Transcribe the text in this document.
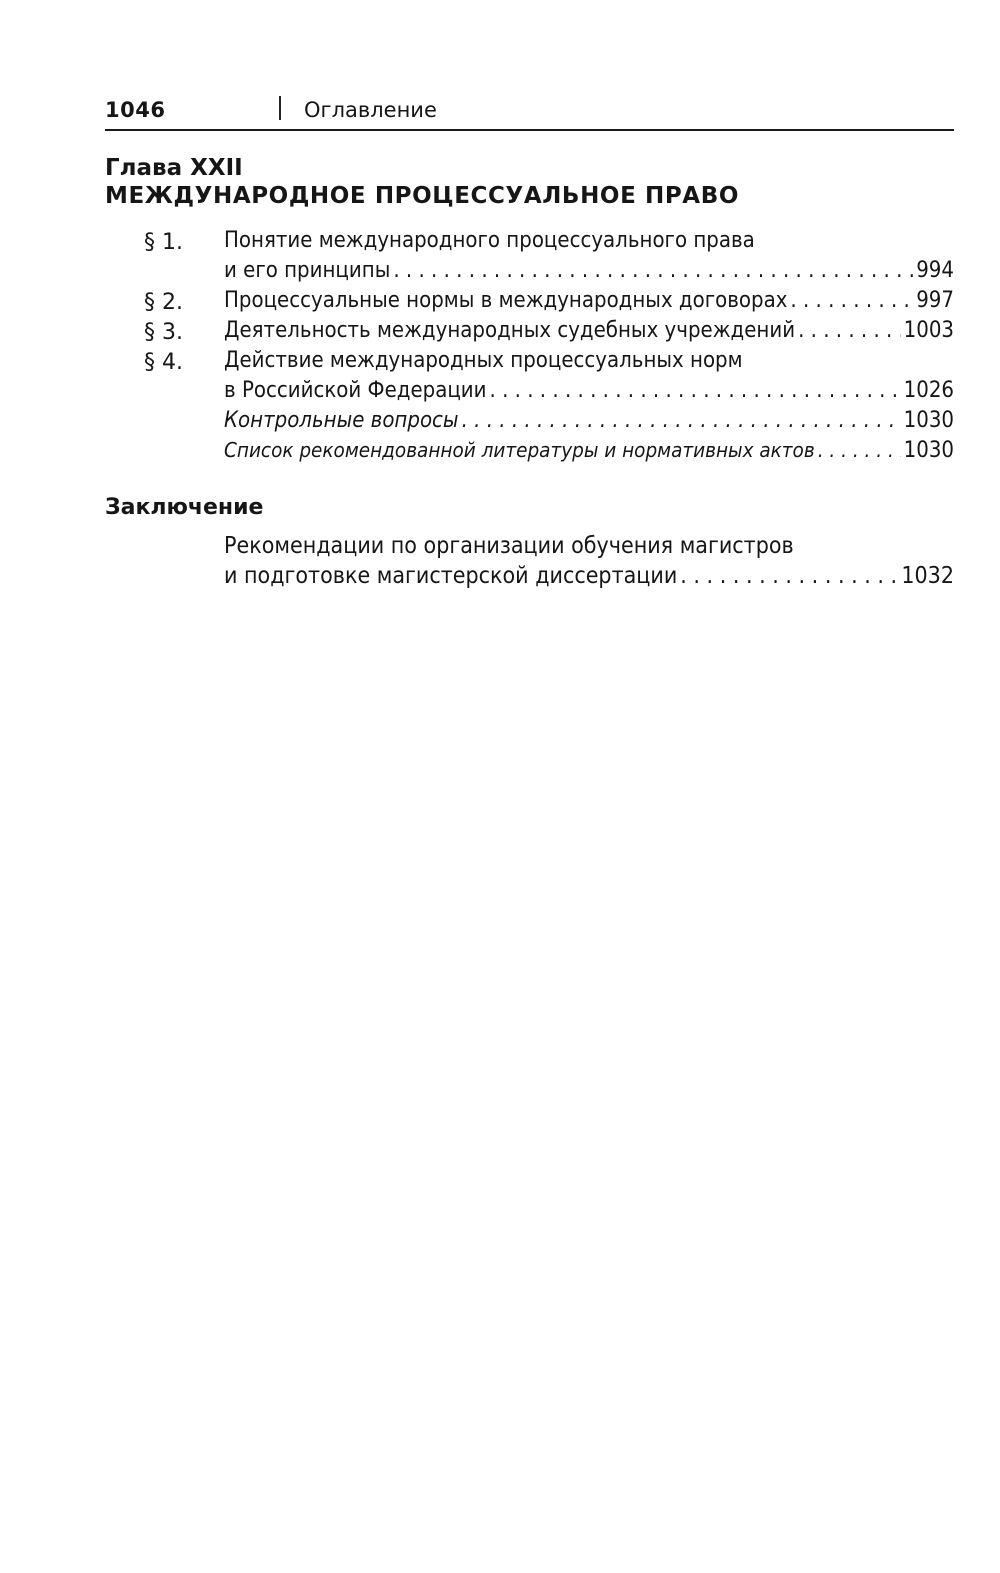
1046	Оглавление
Глава XXII
МЕЖДУНАРОДНОЕ ПРОЦЕССУАЛЬНОЕ ПРАВО
§ 1. Понятие международного процессуального права
и его принципы . . .	994
§ 2. Процессуальные нормы в международных договорах . . .	997
§ 3. Деятельность международных судебных учреждений . . .	1003
§ 4. Действие международных процессуальных норм
в Российской Федерации . . .	1026
Контрольные вопросы . . .	1030
Список рекомендованной литературы и нормативных актов . . .	1030
Заключение
Рекомендации по организации обучения магистров
и подготовке магистерской диссертации . . .	1032
